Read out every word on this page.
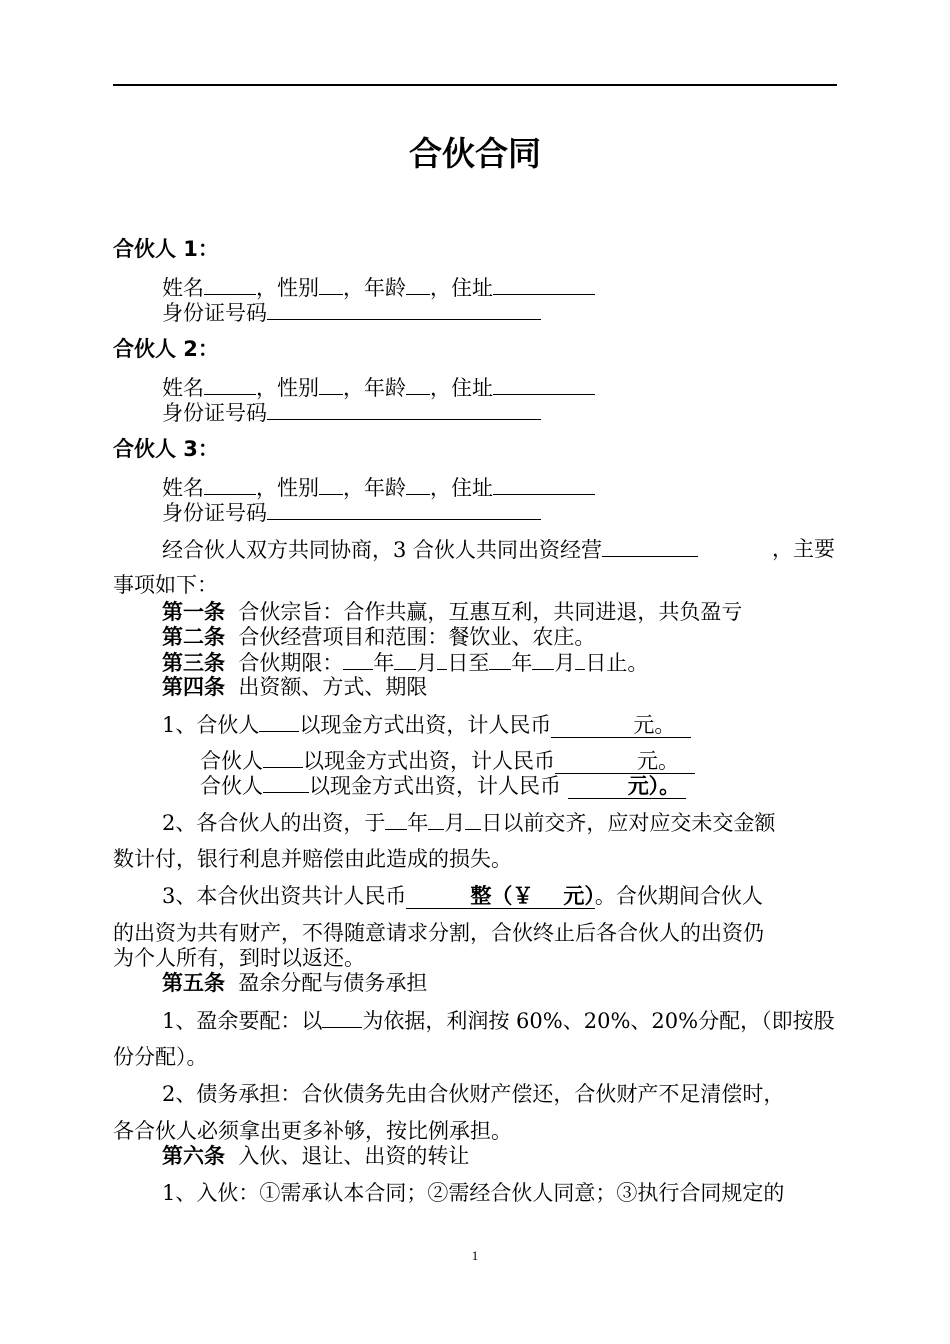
合伙合同
合伙人 1：
姓名 ，性别 ，年龄 ，住址
身份证号码
合伙人 2：
姓名 ，性别 ，年龄 ，住址
身份证号码
合伙人 3：
姓名 ，性别 ，年龄 ，住址
身份证号码
经合伙人双方共同协商，3 合伙人共同出资经营	，主要
事项如下：
第一条 合伙宗旨：合作共赢，互惠互利，共同进退，共负盈亏
第二条 合伙经营项目和范围：餐饮业、农庄。
第三条 合伙期限： 年 月 日至 年 月 日止。
第四条 出资额、方式、期限
1、合伙人 以现金方式出资，计人民币	元。
合伙人 以现金方式出资，计人民币	元。
合伙人 以现金方式出资，计人民币	元）。
2、各合伙人的出资，于 年 月 日以前交齐，应对应交未交金额
数计付，银行利息并赔偿由此造成的损失。
3、本合伙出资共计人民币	整（￥ 元）。合伙期间合伙人
的出资为共有财产，不得随意请求分割，合伙终止后各合伙人的出资仍
为个人所有，到时以返还。
第五条 盈余分配与债务承担
1、盈余要配：以 为依据，利润按 60%、20%、20%分配，（即按股
份分配）。
2、债务承担：合伙债务先由合伙财产偿还，合伙财产不足清偿时，
各合伙人必须拿出更多补够，按比例承担。
第六条 入伙、退让、出资的转让
1、入伙：①需承认本合同；②需经合伙人同意；③执行合同规定的
1
